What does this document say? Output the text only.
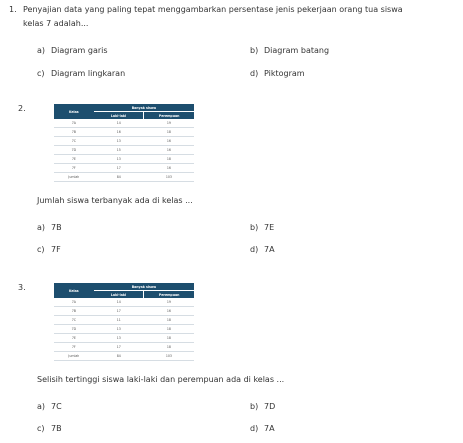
1. Penyajian data yang paling tepat menggambarkan persentase jenis pekerjaan orang tua siswa
kelas 7 adalah...
a) Diagram garis	b) Diagram batang
c) Diagram lingkaran	d) Piktogram
2.	Kelas	Banyak siswa	
	Laki-laki	Perempuan
7A	14	19
7B	16	18
7C	13	16
7D	15	16
7E	13	18
7F	17	16
Jumlah	84	103
Jumlah siswa terbanyak ada di kelas ...
a) 7B	b) 7E
c) 7F	d) 7A
3.	Kelas	Banyak siswa	
	Laki-laki	Perempuan
7A	14	19
7B	17	16
7C	11	18
7D	13	18
7E	13	18
7F	17	18
Jumlah	84	103
Selisih tertinggi siswa laki-laki dan perempuan ada di kelas ...
a) 7C	b) 7D
c) 7B	d) 7A
